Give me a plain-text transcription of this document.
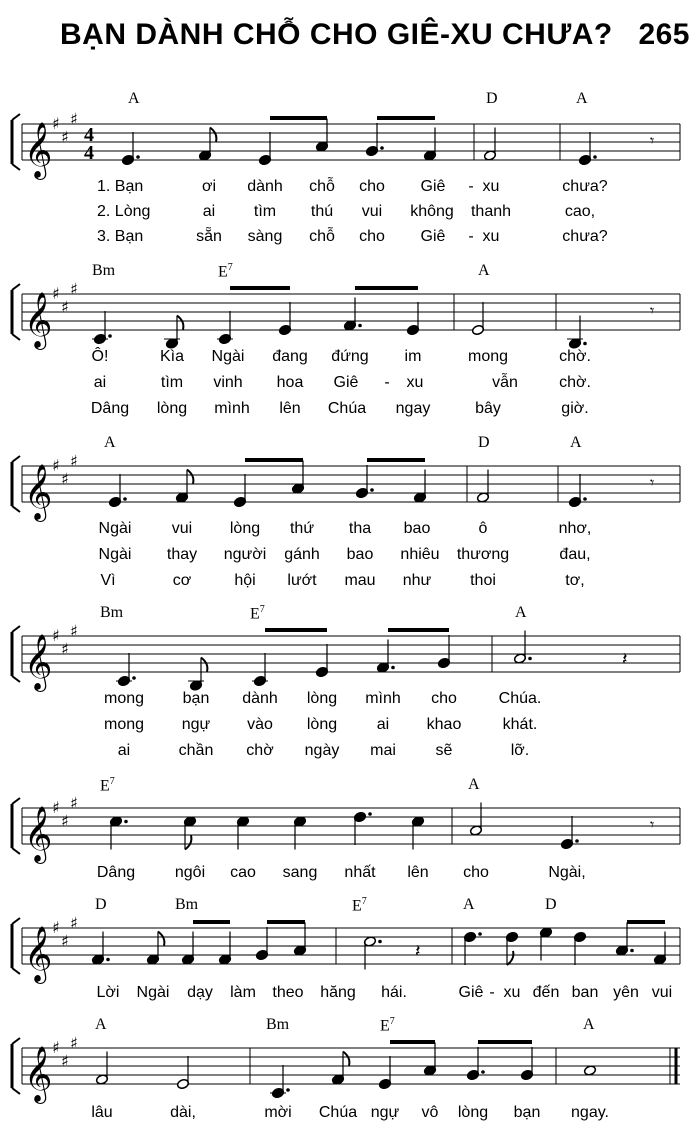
BẠN DÀNH CHỖ CHO GIÊ-XU CHƯA? 265
A	D	A
𝄞 ♯
♯
♯
4
4
𝄾
1. Bạn	ơi dành chỗ cho Giê - xu	chưa?
2. Lòng	ai tìm thú vui không thanh	cao,
3. Bạn	sẵn sàng chỗ cho Giê - xu	chưa?
Bm	$E^7$	A
𝄞 ♯
♯
♯
𝄾
Ô!	Kìa Ngài đang đứng im	mong	chờ.
ai	tìm vinh hoa Giê - xu	vẫn	chờ.
Dâng lòng mình lên Chúa ngay	bây	giờ.
A	D	A
𝄞 ♯
♯
♯
𝄾
Ngài	vui lòng thứ tha bao	ô	nhơ,
Ngài thay người gánh bao nhiêu thương	đau,
Vì	cơ	hội lướt mau như thoi	tơ,
Bm	$E^7$	A
𝄞 ♯
♯
♯
𝄽
mong bạn dành lòng mình cho	Chúa.
mong ngự vào lòng ai khao	khát.
ai	chần chờ ngày mai sẽ	lỡ.
$E^7$	A
𝄞 ♯
♯
♯
𝄾
Dâng ngôi cao sang nhất lên cho	Ngài,
D	Bm	$E^7$	A	D
𝄞 ♯
♯
♯
𝄽
Lời Ngài dạy làm theo hăng hái.	Giê - xu đến ban yên vui
A	Bm	$E^7$	A
𝄞 ♯
♯
♯
lâu	dài,	mời Chúa ngự vô lòng bạn ngay.
